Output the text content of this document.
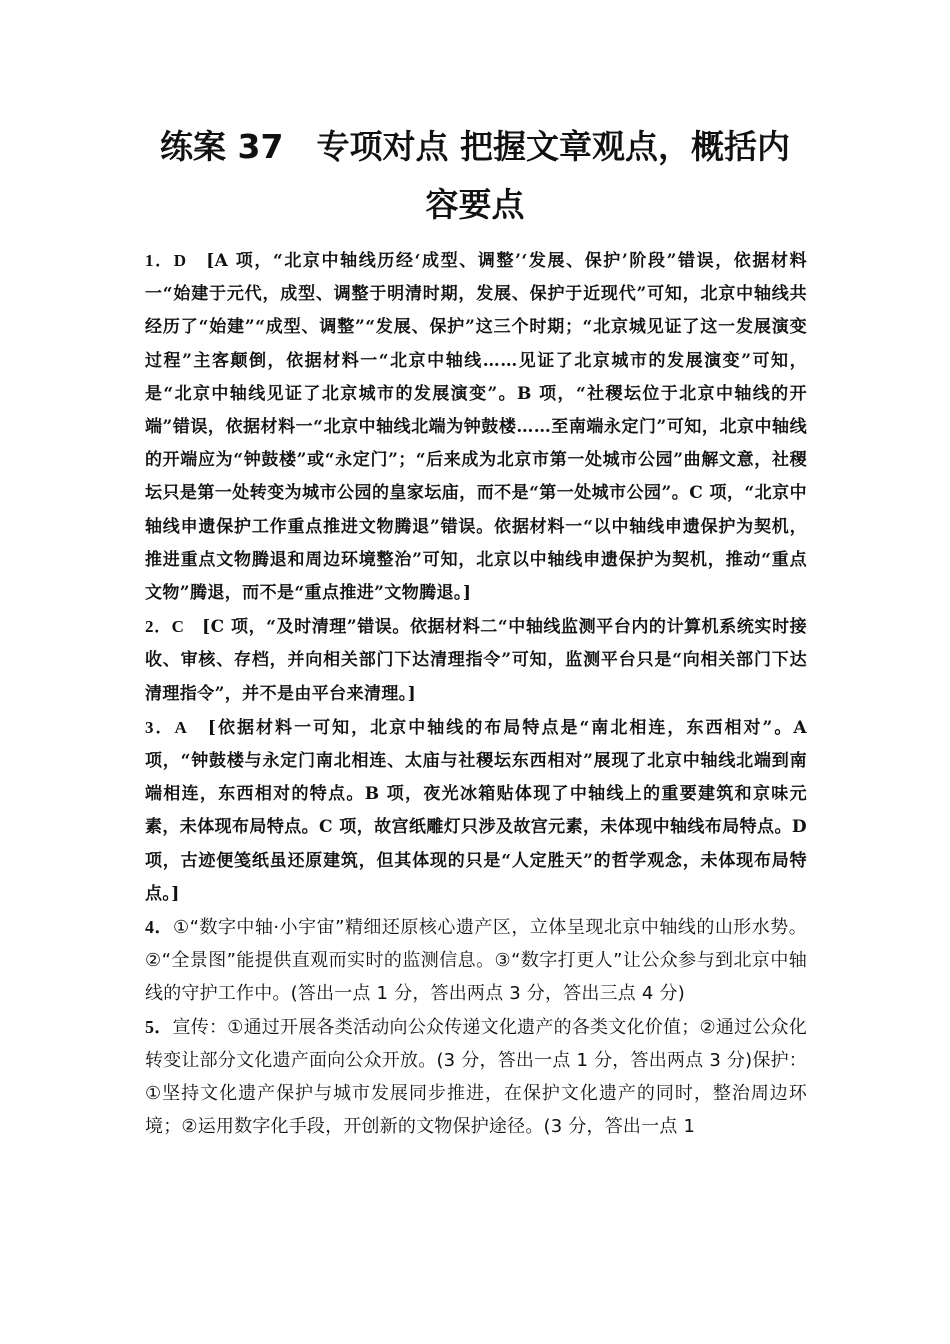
练案 37　专项对点 把握文章观点，概括内容要点

1．D　 [A 项，“北京中轴线历经‘成型、调整’‘发展、保护’阶段”错误，依据材料一“始建于元代，成型、调整于明清时期，发展、保护于近现代”可知，北京中轴线共经历了“始建”“成型、调整”“发展、保护”这三个时期；“北京城见证了这一发展演变过程”主客颠倒，依据材料一“北京中轴线……见证了北京城市的发展演变”可知，是“北京中轴线见证了北京城市的发展演变”。B 项，“社稷坛位于北京中轴线的开端”错误，依据材料一“北京中轴线北端为钟鼓楼……至南端永定门”可知，北京中轴线的开端应为“钟鼓楼”或“永定门”；“后来成为北京市第一处城市公园”曲解文意，社稷坛只是第一处转变为城市公园的皇家坛庙，而不是“第一处城市公园”。C 项，“北京中轴线申遗保护工作重点推进文物腾退”错误。依据材料一“以中轴线申遗保护为契机，推进重点文物腾退和周边环境整治”可知，北京以中轴线申遗保护为契机，推动“重点文物”腾退，而不是“重点推进”文物腾退。]

2．C　 [C 项，“及时清理”错误。依据材料二“中轴线监测平台内的计算机系统实时接收、审核、存档，并向相关部门下达清理指令”可知，监测平台只是“向相关部门下达清理指令”，并不是由平台来清理。]

3．A　 [依据材料一可知，北京中轴线的布局特点是“南北相连，东西相对”。A 项，“钟鼓楼与永定门南北相连、太庙与社稷坛东西相对”展现了北京中轴线北端到南端相连，东西相对的特点。B 项，夜光冰箱贴体现了中轴线上的重要建筑和京味元素，未体现布局特点。C 项，故宫纸雕灯只涉及故宫元素，未体现中轴线布局特点。D 项，古迹便笺纸虽还原建筑，但其体现的只是“人定胜天”的哲学观念，未体现布局特点。]

4．①“数字中轴·小宇宙”精细还原核心遗产区，立体呈现北京中轴线的山形水势。②“全景图”能提供直观而实时的监测信息。③“数字打更人”让公众参与到北京中轴线的守护工作中。(答出一点 1 分，答出两点 3 分，答出三点 4 分)

5．宣传：①通过开展各类活动向公众传递文化遗产的各类文化价值；②通过公众化转变让部分文化遗产面向公众开放。(3 分，答出一点 1 分，答出两点 3 分)保护：①坚持文化遗产保护与城市发展同步推进，在保护文化遗产的同时，整治周边环境；②运用数字化手段，开创新的文物保护途径。(3 分，答出一点 1
